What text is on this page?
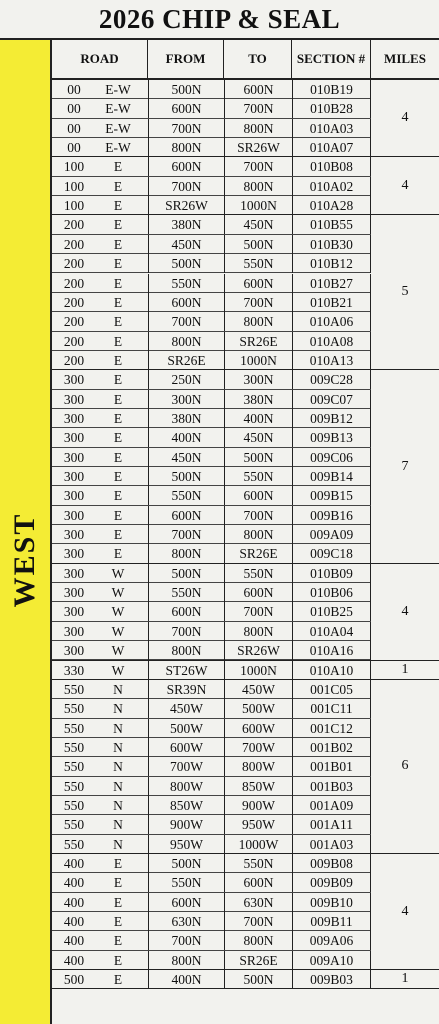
2026 CHIP & SEAL
WEST
ROAD	FROM	TO	SECTION #	MILES
00	E-W	500N	600N	010B19
00	E-W	600N	700N	010B28
00	E-W	700N	800N	010A03
00	E-W	800N	SR26W	010A07
4
100	E	600N	700N	010B08
100	E	700N	800N	010A02
100	E	SR26W	1000N	010A28
4
200	E	380N	450N	010B55
200	E	450N	500N	010B30
200	E	500N	550N	010B12
200	E	550N	600N	010B27
200	E	600N	700N	010B21
200	E	700N	800N	010A06
200	E	800N	SR26E	010A08
200	E	SR26E	1000N	010A13
5
300	E	250N	300N	009C28
300	E	300N	380N	009C07
300	E	380N	400N	009B12
300	E	400N	450N	009B13
300	E	450N	500N	009C06
300	E	500N	550N	009B14
300	E	550N	600N	009B15
300	E	600N	700N	009B16
300	E	700N	800N	009A09
300	E	800N	SR26E	009C18
7
300	W	500N	550N	010B09
300	W	550N	600N	010B06
300	W	600N	700N	010B25
300	W	700N	800N	010A04
300	W	800N	SR26W	010A16
4
330	W	ST26W	1000N	010A10	1
550	N	SR39N	450W	001C05
550	N	450W	500W	001C11
550	N	500W	600W	001C12
550	N	600W	700W	001B02
550	N	700W	800W	001B01
550	N	800W	850W	001B03
550	N	850W	900W	001A09
550	N	900W	950W	001A11
550	N	950W	1000W	001A03
6
400	E	500N	550N	009B08
400	E	550N	600N	009B09
400	E	600N	630N	009B10
400	E	630N	700N	009B11
400	E	700N	800N	009A06
400	E	800N	SR26E	009A10
4
500	E	400N	500N	009B03	1
